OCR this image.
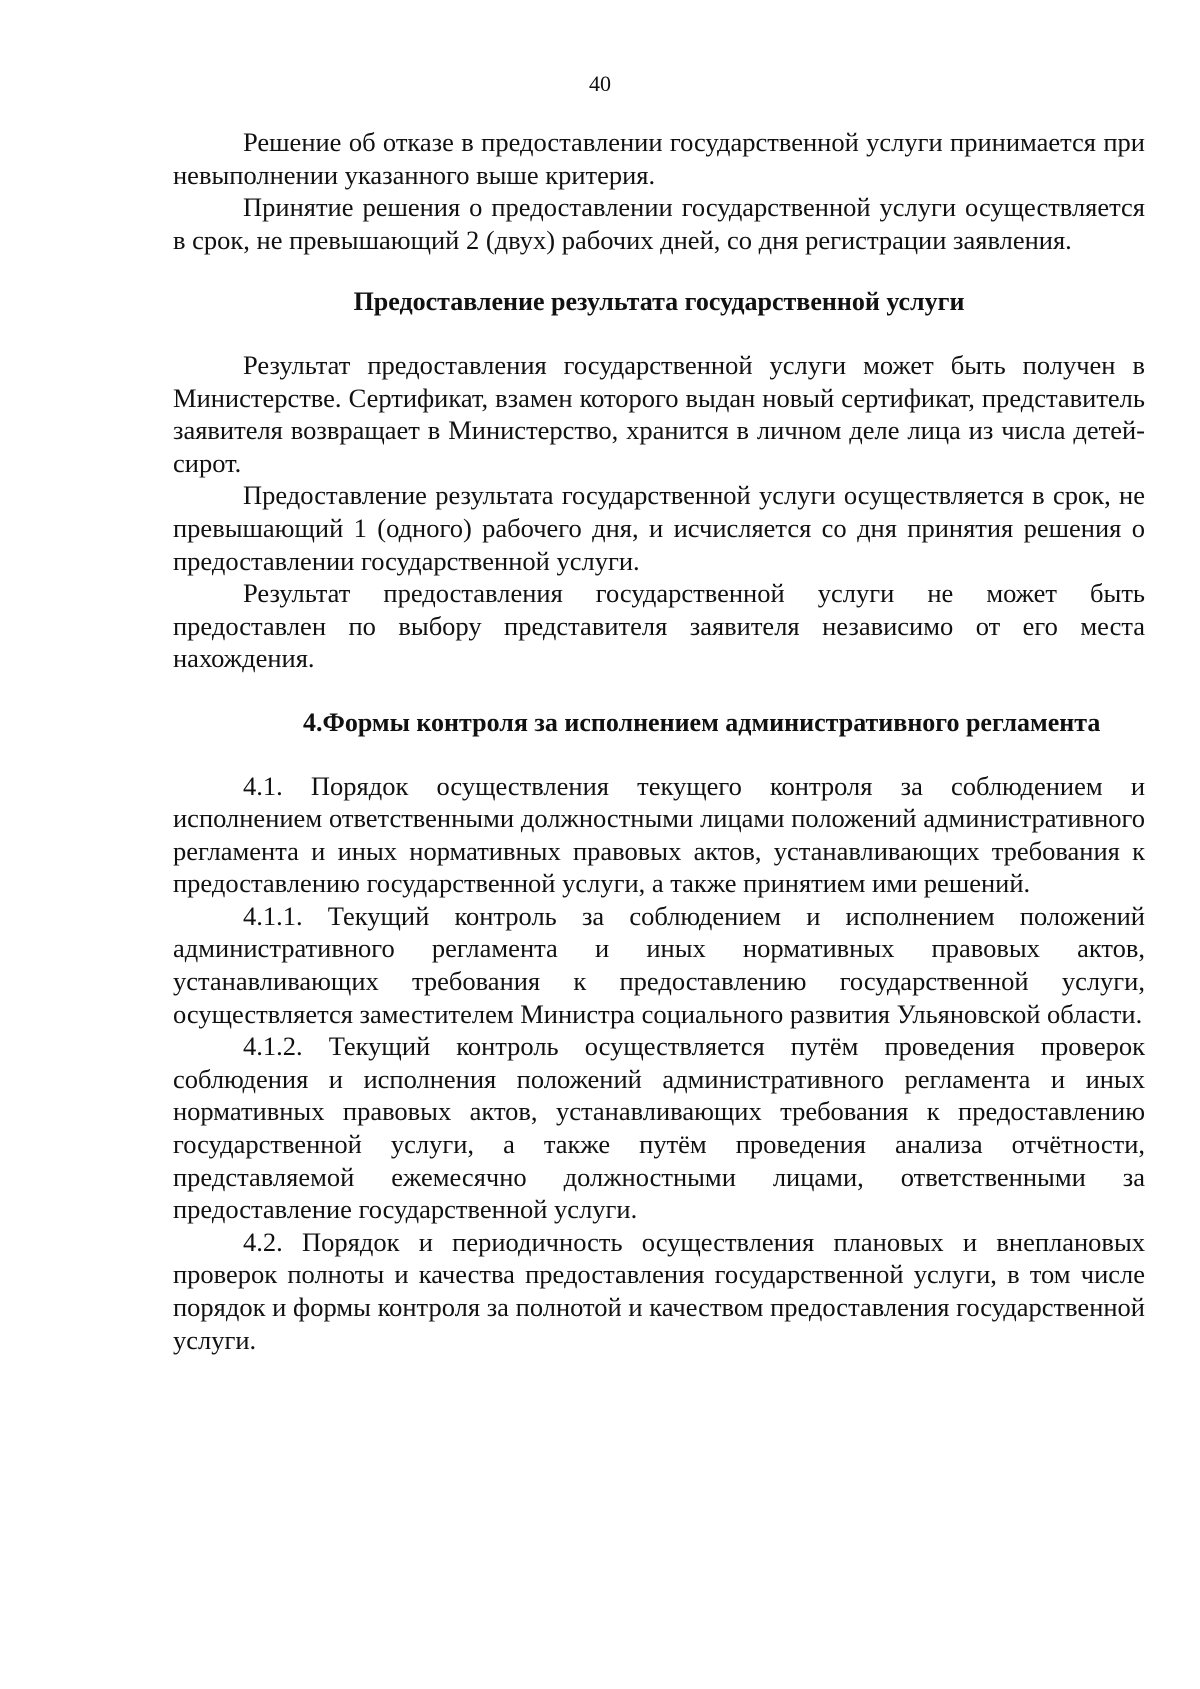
40

Решение об отказе в предоставлении государственной услуги принимается при невыполнении указанного выше критерия.

Принятие решения о предоставлении государственной услуги осуществляется в срок, не превышающий 2 (двух) рабочих дней, со дня регистрации заявления.

Предоставление результата государственной услуги

Результат предоставления государственной услуги может быть получен в Министерстве. Сертификат, взамен которого выдан новый сертификат, представитель заявителя возвращает в Министерство, хранится в личном деле лица из числа детей-сирот.

Предоставление результата государственной услуги осуществляется в срок, не превышающий 1 (одного) рабочего дня, и исчисляется со дня принятия решения о предоставлении государственной услуги.

Результат предоставления государственной услуги не может быть предоставлен по выбору представителя заявителя независимо от его места нахождения.

4.Формы контроля за исполнением административного регламента

4.1. Порядок осуществления текущего контроля за соблюдением и исполнением ответственными должностными лицами положений административного регламента и иных нормативных правовых актов, устанавливающих требования к предоставлению государственной услуги, а также принятием ими решений.

4.1.1. Текущий контроль за соблюдением и исполнением положений административного регламента и иных нормативных правовых актов, устанавливающих требования к предоставлению государственной услуги, осуществляется заместителем Министра социального развития Ульяновской области.

4.1.2. Текущий контроль осуществляется путём проведения проверок соблюдения и исполнения положений административного регламента и иных нормативных правовых актов, устанавливающих требования к предоставлению государственной услуги, а также путём проведения анализа отчётности, представляемой ежемесячно должностными лицами, ответственными за предоставление государственной услуги.

4.2. Порядок и периодичность осуществления плановых и внеплановых проверок полноты и качества предоставления государственной услуги, в том числе порядок и формы контроля за полнотой и качеством предоставления государственной услуги.
